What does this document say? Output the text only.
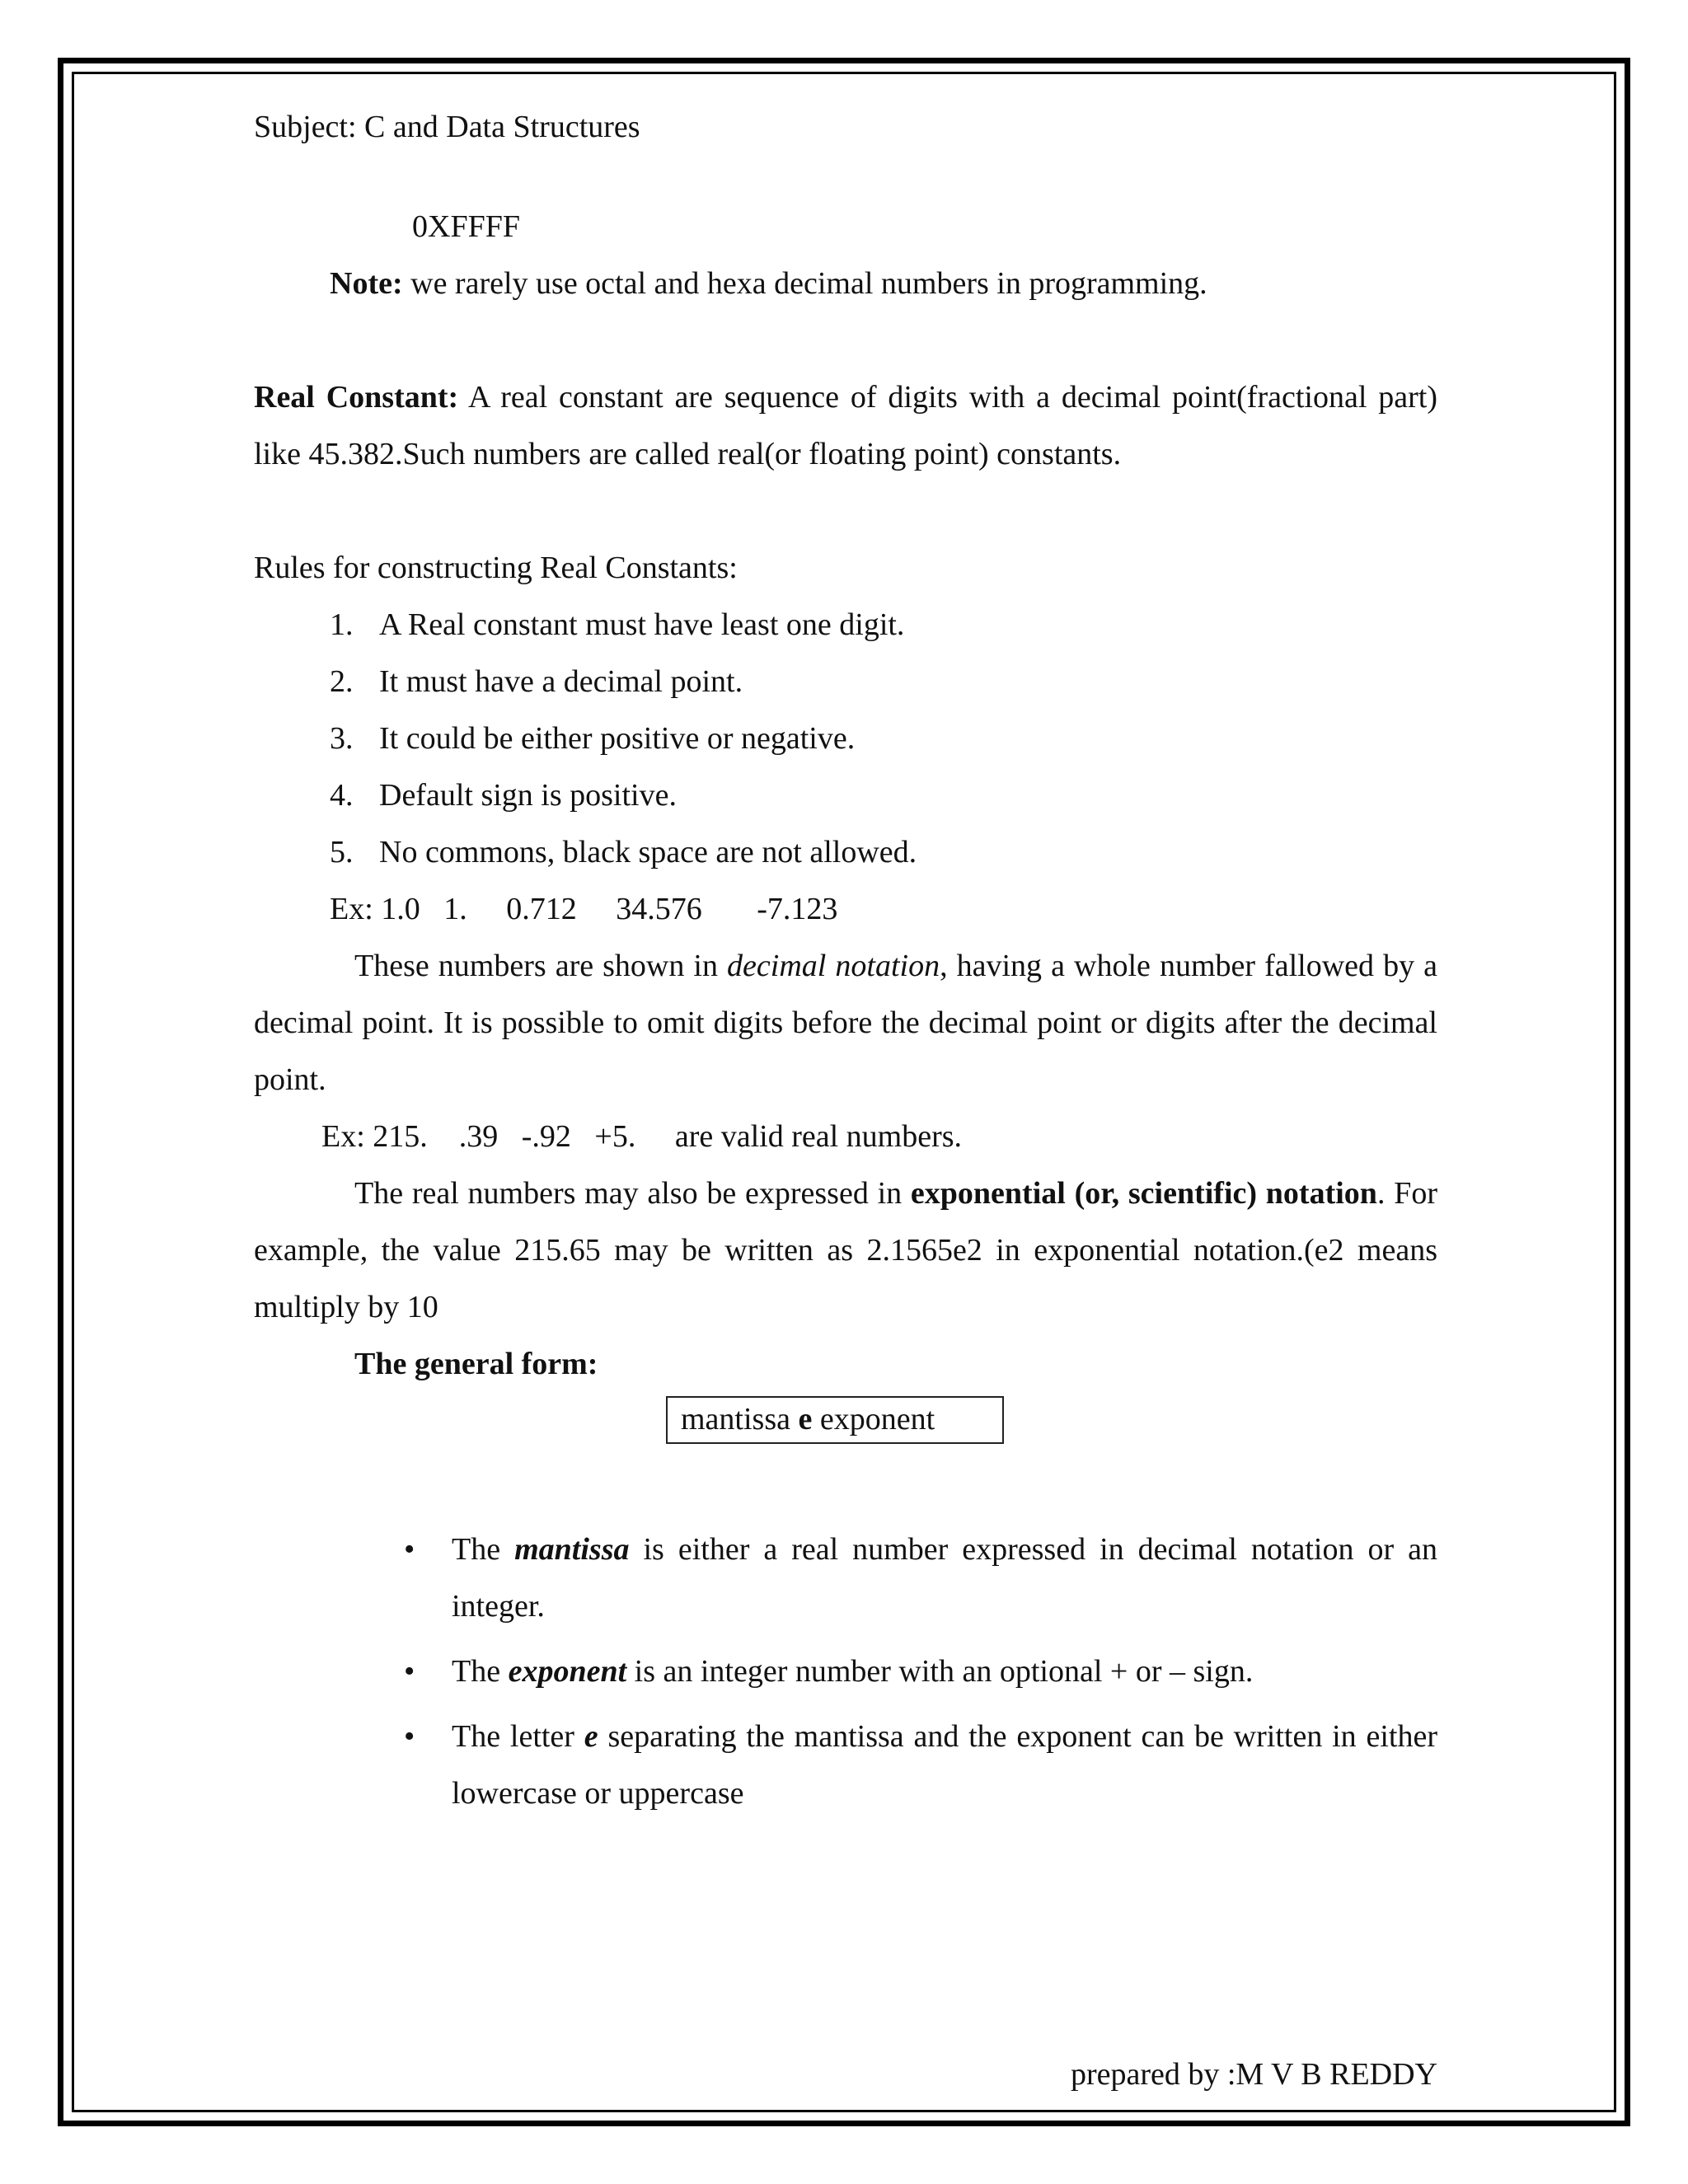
Subject: C and Data Structures

0XFFFF

Note: we rarely use octal and hexa decimal numbers in programming.

Real Constant: A real constant are sequence of digits with a decimal point(fractional part) like 45.382.Such numbers are called real(or floating point) constants.

Rules for constructing Real Constants:

1. A Real constant must have least one digit.
2. It must have a decimal point.
3. It could be either positive or negative.
4. Default sign is positive.
5. No commons, black space are not allowed.

Ex: 1.0   1.     0.712     34.576       -7.123

These numbers are shown in decimal notation, having a whole number fallowed by a decimal point. It is possible to omit digits before the decimal point or digits after the decimal point.

Ex: 215.    .39   -.92   +5.     are valid real numbers.

The real numbers may also be expressed in exponential (or, scientific) notation. For example, the value 215.65 may be written as 2.1565e2 in exponential notation.(e2 means multiply by 10

The general form:

mantissa e exponent
• The mantissa is either a real number expressed in decimal notation or an integer.
• The exponent is an integer number with an optional + or – sign.
• The letter e separating the mantissa and the exponent can be written in either lowercase or uppercase
prepared by :M V B REDDY
